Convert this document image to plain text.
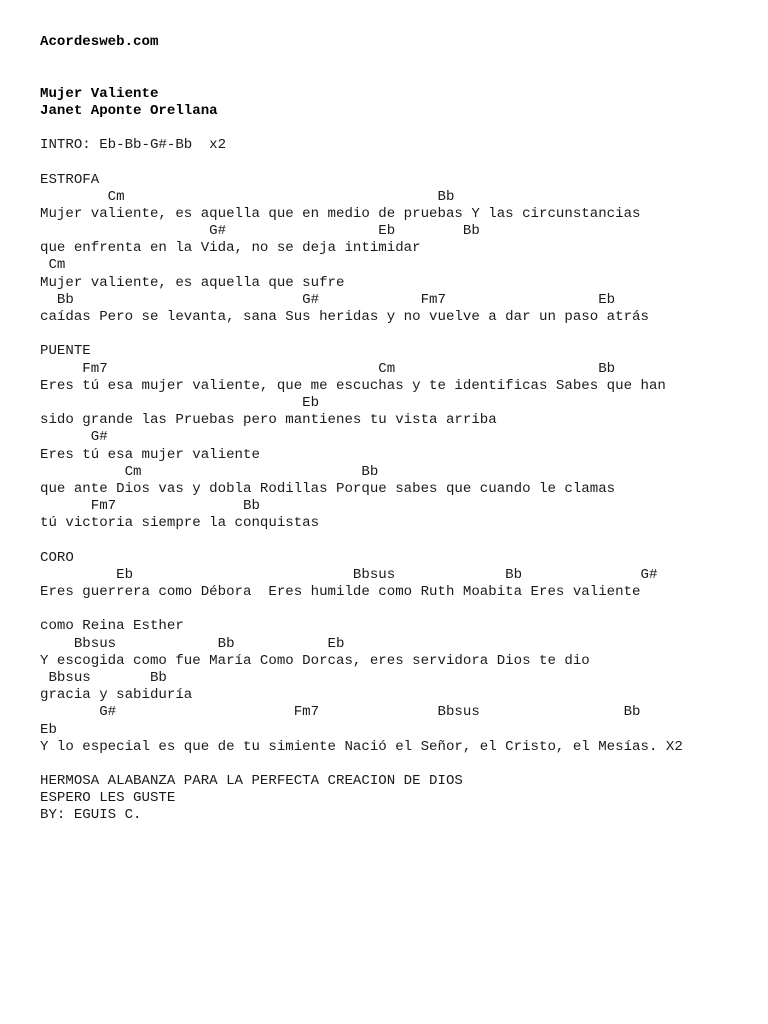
Acordesweb.com
Mujer Valiente
Janet Aponte Orellana
INTRO: Eb-Bb-G#-Bb  x2
ESTROFA
Cm                                     Bb
Mujer valiente, es aquella que en medio de pruebas Y las circunstancias
G#                  Eb        Bb
que enfrenta en la Vida, no se deja intimidar
Cm
Mujer valiente, es aquella que sufre
Bb                           G#            Fm7                  Eb
caídas Pero se levanta, sana Sus heridas y no vuelve a dar un paso atrás
PUENTE
Fm7                                Cm                        Bb
Eres tú esa mujer valiente, que me escuchas y te identificas Sabes que han
Eb
sido grande las Pruebas pero mantienes tu vista arriba
G#
Eres tú esa mujer valiente
Cm                          Bb
que ante Dios vas y dobla Rodillas Porque sabes que cuando le clamas
Fm7               Bb
tú victoria siempre la conquistas
CORO
Eb                          Bbsus             Bb              G#
Eres guerrera como Débora  Eres humilde como Ruth Moabita Eres valiente
como Reina Esther
Bbsus            Bb           Eb
Y escogida como fue María Como Dorcas, eres servidora Dios te dio
Bbsus       Bb
gracia y sabiduría
G#                     Fm7              Bbsus                 Bb
Eb
Y lo especial es que de tu simiente Nació el Señor, el Cristo, el Mesías. X2
HERMOSA ALABANZA PARA LA PERFECTA CREACION DE DIOS
ESPERO LES GUSTE
BY: EGUIS C.
